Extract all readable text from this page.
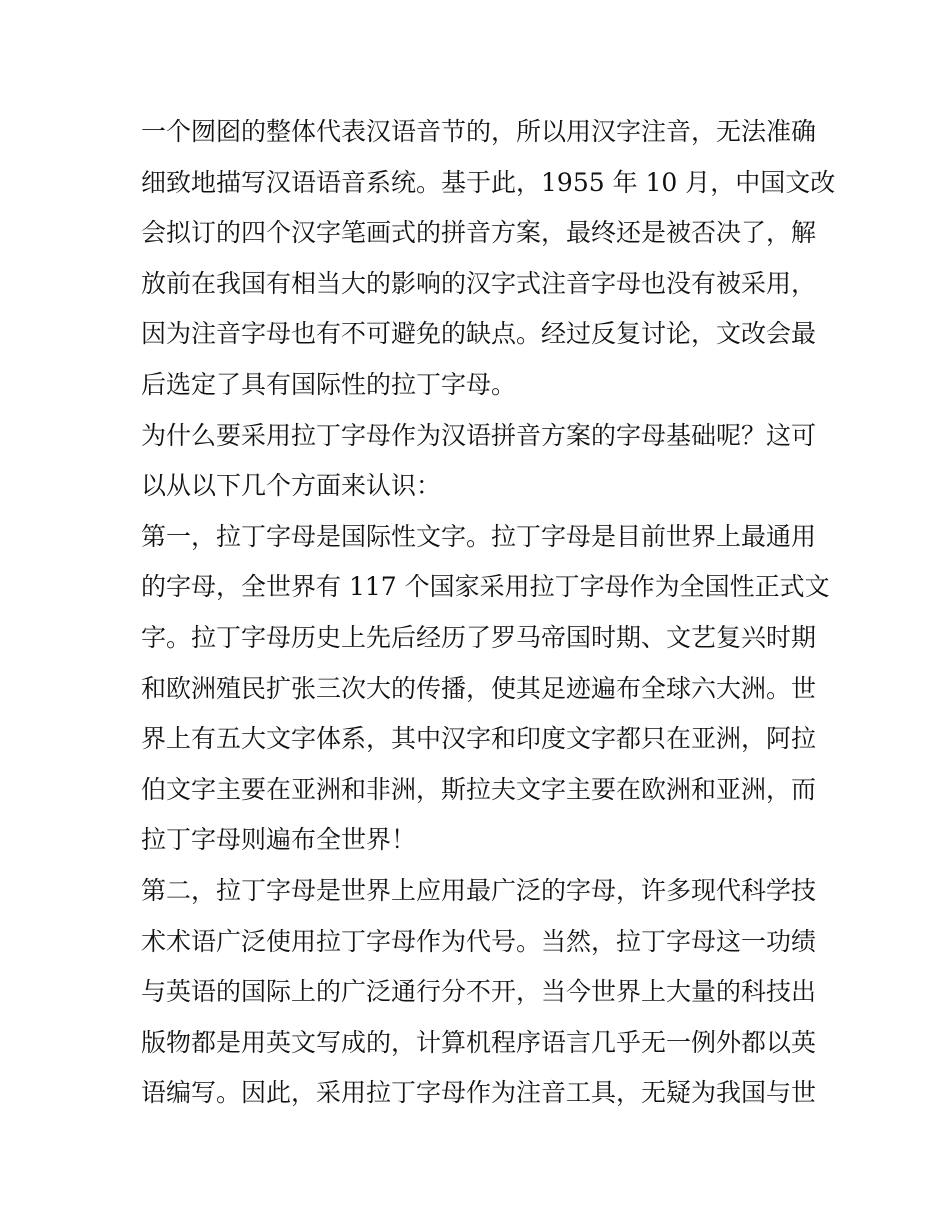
一个囫囵的整体代表汉语音节的，所以用汉字注音，无法准确
细致地描写汉语语音系统。基于此，1955 年 10 月，中国文改
会拟订的四个汉字笔画式的拼音方案，最终还是被否决了，解
放前在我国有相当大的影响的汉字式注音字母也没有被采用，
因为注音字母也有不可避免的缺点。经过反复讨论，文改会最
后选定了具有国际性的拉丁字母。
为什么要采用拉丁字母作为汉语拼音方案的字母基础呢？这可
以从以下几个方面来认识：
第一，拉丁字母是国际性文字。拉丁字母是目前世界上最通用
的字母，全世界有 117 个国家采用拉丁字母作为全国性正式文
字。拉丁字母历史上先后经历了罗马帝国时期、文艺复兴时期
和欧洲殖民扩张三次大的传播，使其足迹遍布全球六大洲。世
界上有五大文字体系，其中汉字和印度文字都只在亚洲，阿拉
伯文字主要在亚洲和非洲，斯拉夫文字主要在欧洲和亚洲，而
拉丁字母则遍布全世界！
第二，拉丁字母是世界上应用最广泛的字母，许多现代科学技
术术语广泛使用拉丁字母作为代号。当然，拉丁字母这一功绩
与英语的国际上的广泛通行分不开，当今世界上大量的科技出
版物都是用英文写成的，计算机程序语言几乎无一例外都以英
语编写。因此，采用拉丁字母作为注音工具，无疑为我国与世
